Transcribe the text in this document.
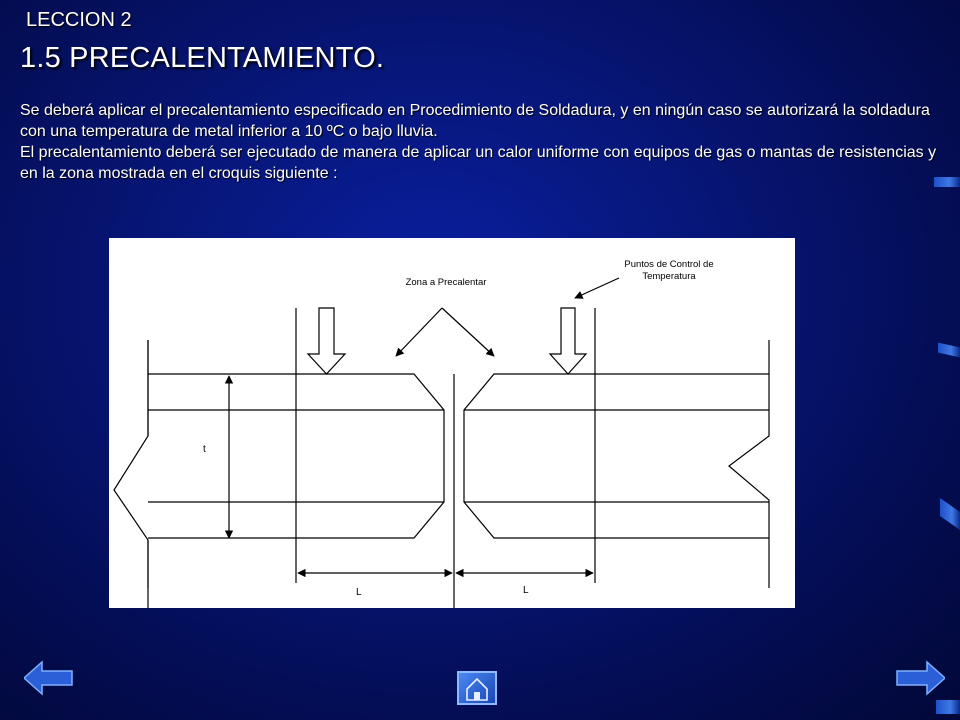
LECCION 2
1.5 PRECALENTAMIENTO.

Se deberá aplicar el precalentamiento especificado en Procedimiento de Soldadura, y en ningún caso se autorizará la soldadura con una temperatura de metal inferior a 10 ºC o bajo lluvia.

El precalentamiento deberá ser ejecutado de manera de aplicar un calor uniforme con equipos de gas o mantas de resistencias y en la zona mostrada en el croquis siguiente :

Zona a Precalentar
Puntos de Control de
Temperatura
t
L	L
